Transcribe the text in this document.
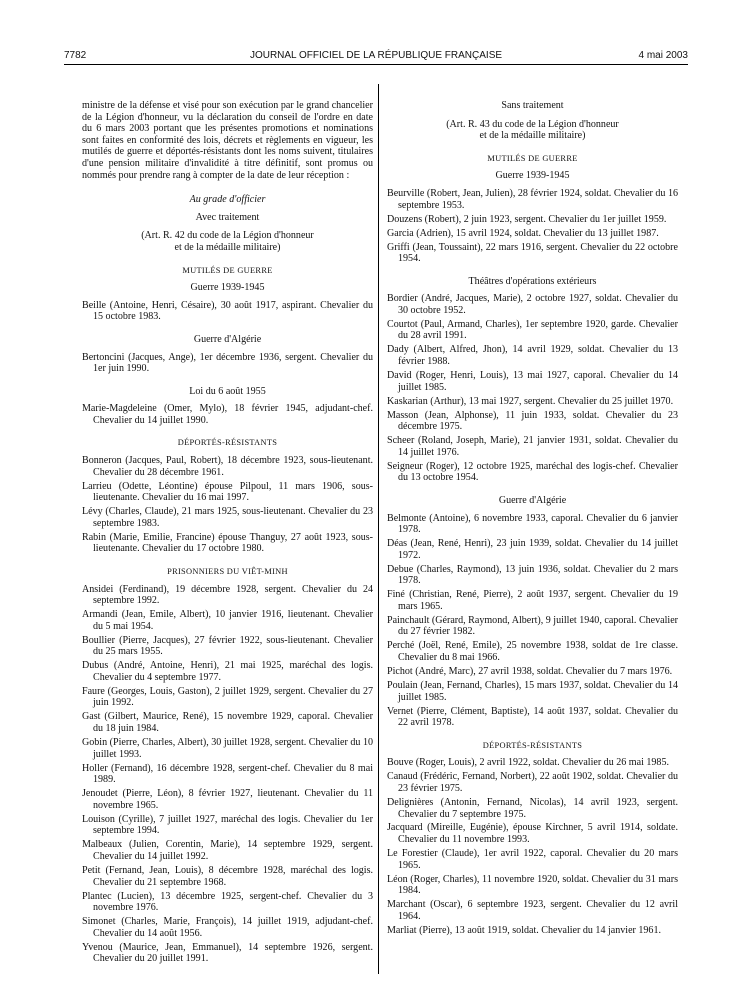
7782	JOURNAL OFFICIEL DE LA RÉPUBLIQUE FRANÇAISE	4 mai 2003

ministre de la défense et visé pour son exécution par le grand chancelier de la Légion d'honneur, vu la déclaration du conseil de l'ordre en date du 6 mars 2003 portant que les présentes promotions et nominations sont faites en conformité des lois, décrets et règlements en vigueur, les mutilés de guerre et déportés-résistants dont les noms suivent, titulaires d'une pension militaire d'invalidité à titre définitif, sont promus ou nommés pour prendre rang à compter de la date de leur réception :

Au grade d'officier

Avec traitement

(Art. R. 42 du code de la Légion d'honneur
et de la médaille militaire)

MUTILÉS DE GUERRE

Guerre 1939-1945

Beille (Antoine, Henri, Césaire), 30 août 1917, aspirant. Chevalier du 15 octobre 1983.

Guerre d'Algérie

Bertoncini (Jacques, Ange), 1er décembre 1936, sergent. Chevalier du 1er juin 1990.

Loi du 6 août 1955

Marie-Magdeleine (Omer, Mylo), 18 février 1945, adjudant-chef. Chevalier du 14 juillet 1990.

DÉPORTÉS-RÉSISTANTS

Bonneron (Jacques, Paul, Robert), 18 décembre 1923, sous-lieutenant. Chevalier du 28 décembre 1961.

Larrieu (Odette, Léontine) épouse Pilpoul, 11 mars 1906, sous-lieutenante. Chevalier du 16 mai 1997.

Lévy (Charles, Claude), 21 mars 1925, sous-lieutenant. Chevalier du 23 septembre 1983.

Rabin (Marie, Emilie, Francine) épouse Thanguy, 27 août 1923, sous-lieutenante. Chevalier du 17 octobre 1980.

PRISONNIERS DU VIÊT-MINH

Ansidei (Ferdinand), 19 décembre 1928, sergent. Chevalier du 24 septembre 1992.

Armandi (Jean, Emile, Albert), 10 janvier 1916, lieutenant. Chevalier du 5 mai 1954.

Boullier (Pierre, Jacques), 27 février 1922, sous-lieutenant. Chevalier du 25 mars 1955.

Dubus (André, Antoine, Henri), 21 mai 1925, maréchal des logis. Chevalier du 4 septembre 1977.

Faure (Georges, Louis, Gaston), 2 juillet 1929, sergent. Chevalier du 27 juin 1992.

Gast (Gilbert, Maurice, René), 15 novembre 1929, caporal. Chevalier du 18 juin 1984.

Gobin (Pierre, Charles, Albert), 30 juillet 1928, sergent. Chevalier du 10 juillet 1993.

Holler (Fernand), 16 décembre 1928, sergent-chef. Chevalier du 8 mai 1989.

Jenoudet (Pierre, Léon), 8 février 1927, lieutenant. Chevalier du 11 novembre 1965.

Louison (Cyrille), 7 juillet 1927, maréchal des logis. Chevalier du 1er septembre 1994.

Malbeaux (Julien, Corentin, Marie), 14 septembre 1929, sergent. Chevalier du 14 juillet 1992.

Petit (Fernand, Jean, Louis), 8 décembre 1928, maréchal des logis. Chevalier du 21 septembre 1968.

Plantec (Lucien), 13 décembre 1925, sergent-chef. Chevalier du 3 novembre 1976.

Simonet (Charles, Marie, François), 14 juillet 1919, adjudant-chef. Chevalier du 14 août 1956.

Yvenou (Maurice, Jean, Emmanuel), 14 septembre 1926, sergent. Chevalier du 20 juillet 1991.

Sans traitement

(Art. R. 43 du code de la Légion d'honneur
et de la médaille militaire)

MUTILÉS DE GUERRE

Guerre 1939-1945

Beurville (Robert, Jean, Julien), 28 février 1924, soldat. Chevalier du 16 septembre 1953.

Douzens (Robert), 2 juin 1923, sergent. Chevalier du 1er juillet 1959.

Garcia (Adrien), 15 avril 1924, soldat. Chevalier du 13 juillet 1987.

Griffi (Jean, Toussaint), 22 mars 1916, sergent. Chevalier du 22 octobre 1954.

Théâtres d'opérations extérieurs

Bordier (André, Jacques, Marie), 2 octobre 1927, soldat. Chevalier du 30 octobre 1952.

Courtot (Paul, Armand, Charles), 1er septembre 1920, garde. Chevalier du 28 avril 1991.

Dady (Albert, Alfred, Jhon), 14 avril 1929, soldat. Chevalier du 13 février 1988.

David (Roger, Henri, Louis), 13 mai 1927, caporal. Chevalier du 14 juillet 1985.

Kaskarian (Arthur), 13 mai 1927, sergent. Chevalier du 25 juillet 1970.

Masson (Jean, Alphonse), 11 juin 1933, soldat. Chevalier du 23 décembre 1975.

Scheer (Roland, Joseph, Marie), 21 janvier 1931, soldat. Chevalier du 14 juillet 1976.

Seigneur (Roger), 12 octobre 1925, maréchal des logis-chef. Chevalier du 13 octobre 1954.

Guerre d'Algérie

Belmonte (Antoine), 6 novembre 1933, caporal. Chevalier du 6 janvier 1978.

Déas (Jean, René, Henri), 23 juin 1939, soldat. Chevalier du 14 juillet 1972.

Debue (Charles, Raymond), 13 juin 1936, soldat. Chevalier du 2 mars 1978.

Finé (Christian, René, Pierre), 2 août 1937, sergent. Chevalier du 19 mars 1965.

Painchault (Gérard, Raymond, Albert), 9 juillet 1940, caporal. Chevalier du 27 février 1982.

Perché (Joël, René, Emile), 25 novembre 1938, soldat de 1re classe. Chevalier du 8 mai 1966.

Pichot (André, Marc), 27 avril 1938, soldat. Chevalier du 7 mars 1976.

Poulain (Jean, Fernand, Charles), 15 mars 1937, soldat. Chevalier du 14 juillet 1985.

Vernet (Pierre, Clément, Baptiste), 14 août 1937, soldat. Chevalier du 22 avril 1978.

DÉPORTÉS-RÉSISTANTS

Bouve (Roger, Louis), 2 avril 1922, soldat. Chevalier du 26 mai 1985.

Canaud (Frédéric, Fernand, Norbert), 22 août 1902, soldat. Chevalier du 23 février 1975.

Delignières (Antonin, Fernand, Nicolas), 14 avril 1923, sergent. Chevalier du 7 septembre 1975.

Jacquard (Mireille, Eugénie), épouse Kirchner, 5 avril 1914, soldate. Chevalier du 11 novembre 1993.

Le Forestier (Claude), 1er avril 1922, caporal. Chevalier du 20 mars 1965.

Léon (Roger, Charles), 11 novembre 1920, soldat. Chevalier du 31 mars 1984.

Marchant (Oscar), 6 septembre 1923, sergent. Chevalier du 12 avril 1964.

Marliat (Pierre), 13 août 1919, soldat. Chevalier du 14 janvier 1961.
